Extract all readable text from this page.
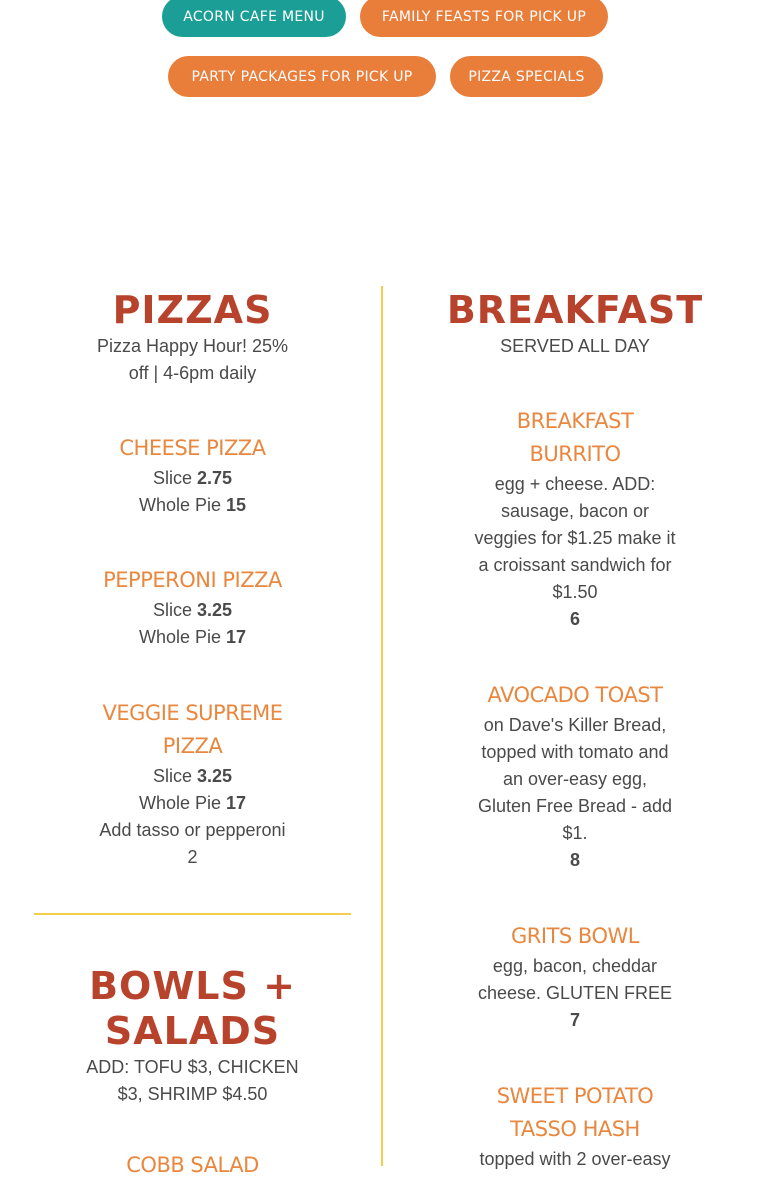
ACORN CAFE MENU	FAMILY FEASTS FOR PICK UP
PARTY PACKAGES FOR PICK UP	PIZZA SPECIALS

PIZZAS

Pizza Happy Hour! 25%

off | 4-6pm daily

CHEESE PIZZA

Slice 2.75

Whole Pie 15

PEPPERONI PIZZA

Slice 3.25

Whole Pie 17

VEGGIE SUPREME

PIZZA

Slice 3.25

Whole Pie 17

Add tasso or pepperoni

2

BOWLS +

SALADS

ADD: TOFU $3, CHICKEN

$3, SHRIMP $4.50

COBB SALAD

BREAKFAST

SERVED ALL DAY

BREAKFAST

BURRITO

egg + cheese. ADD:

sausage, bacon or

veggies for $1.25 make it

a croissant sandwich for

$1.50

6

AVOCADO TOAST

on Dave's Killer Bread,

topped with tomato and

an over-easy egg,

Gluten Free Bread - add

$1.

8

GRITS BOWL

egg, bacon, cheddar

cheese. GLUTEN FREE

7

SWEET POTATO

TASSO HASH

topped with 2 over-easy
